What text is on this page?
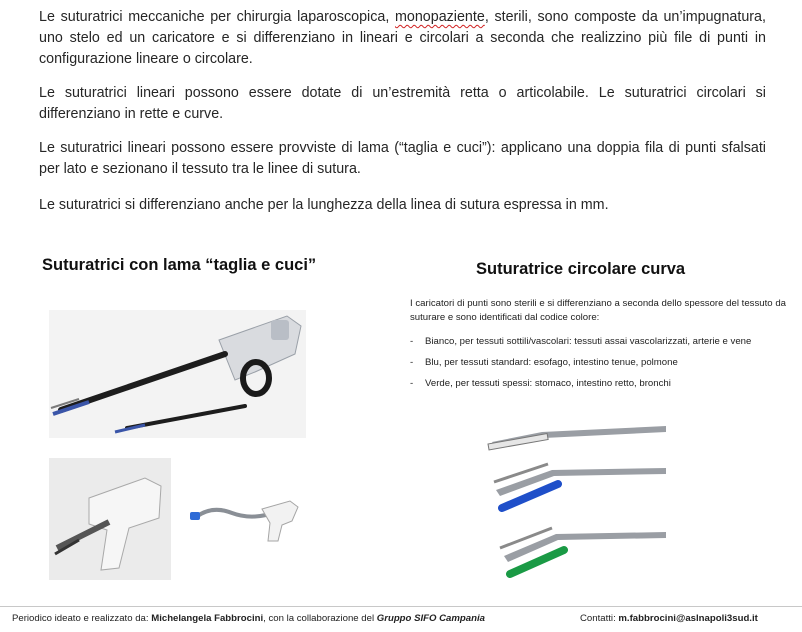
Le suturatrici meccaniche per chirurgia laparoscopica, monopaziente, sterili, sono composte da un’impugnatura, uno stelo ed un caricatore e si differenziano in lineari e circolari a seconda che realizzino più file di punti in configurazione lineare o circolare.

Le suturatrici lineari possono essere dotate di un’estremità retta o articolabile. Le suturatrici circolari si differenziano in rette e curve.

Le suturatrici lineari possono essere provviste di lama (“taglia e cuci”): applicano una doppia fila di punti sfalsati per lato e sezionano il tessuto tra le linee di sutura.

Le suturatrici si differenziano anche per la lunghezza della linea di sutura espressa in mm.

Suturatrici con lama “taglia e cuci”	Suturatrice circolare curva

I caricatori di punti sono sterili e si differenziano a seconda dello spessore del tessuto da suturare e sono identificati dal codice colore:

- Bianco, per tessuti sottili/vascolari: tessuti assai vascolarizzati, arterie e vene
- Blu, per tessuti standard: esofago, intestino tenue, polmone
- Verde, per tessuti spessi: stomaco, intestino retto, bronchi
Periodico ideato e realizzato da: Michelangela Fabbrocini, con la collaborazione del Gruppo SIFO Campania	Contatti: m.fabbrocini@aslnapoli3sud.it
